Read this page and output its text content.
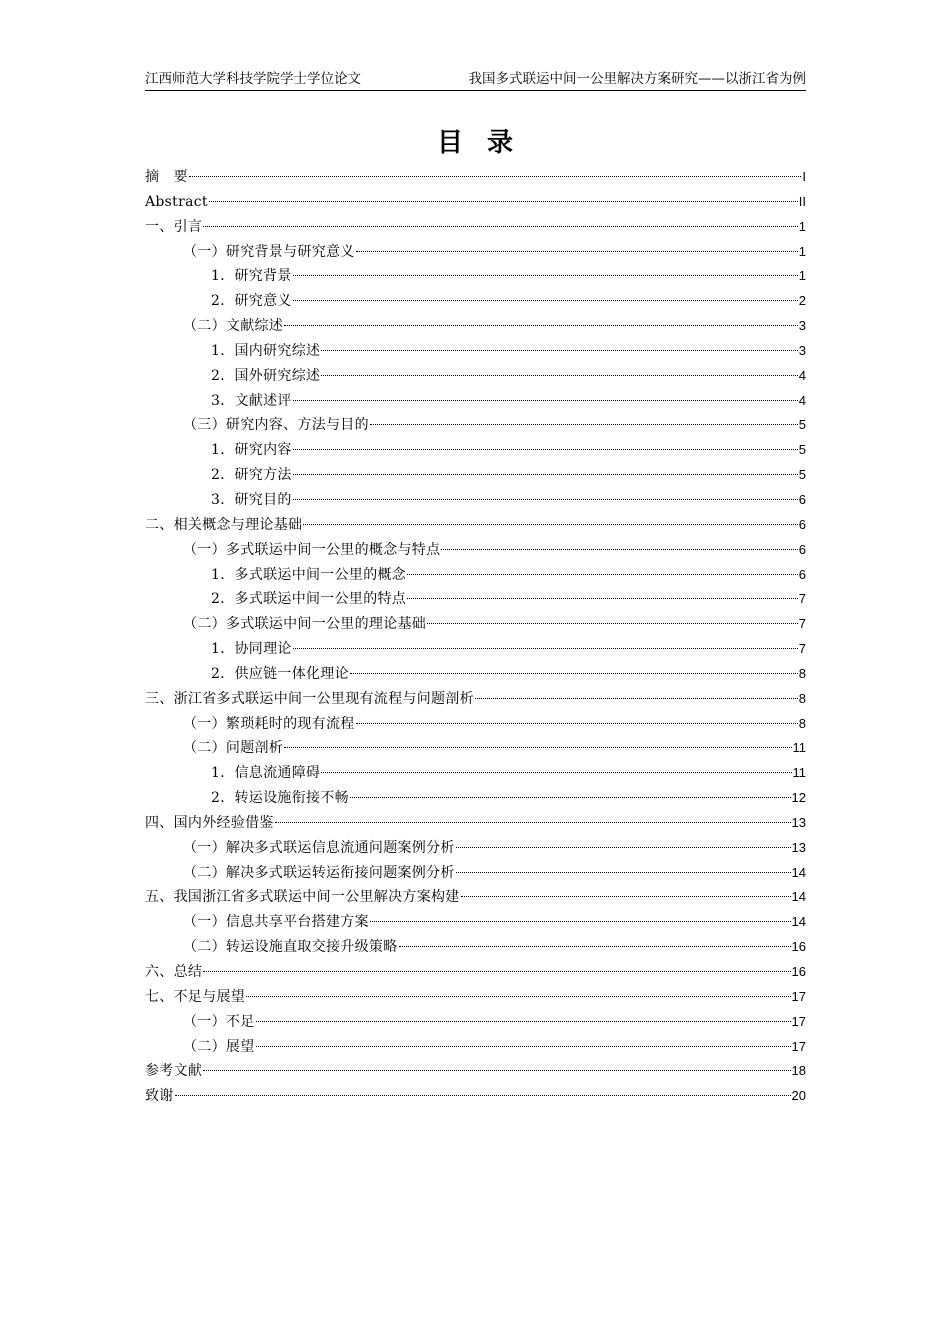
江西师范大学科技学院学士学位论文	我国多式联运中间一公里解决方案研究——以浙江省为例
目录
摘　要	I
Abstract	II
一、引言	1
（一）研究背景与研究意义	1
1．研究背景	1
2．研究意义	2
（二）文献综述	3
1．国内研究综述	3
2．国外研究综述	4
3．文献述评	4
（三）研究内容、方法与目的	5
1．研究内容	5
2．研究方法	5
3．研究目的	6
二、相关概念与理论基础	6
（一）多式联运中间一公里的概念与特点	6
1．多式联运中间一公里的概念	6
2．多式联运中间一公里的特点	7
（二）多式联运中间一公里的理论基础	7
1．协同理论	7
2．供应链一体化理论	8
三、浙江省多式联运中间一公里现有流程与问题剖析	8
（一）繁琐耗时的现有流程	8
（二）问题剖析	11
1．信息流通障碍	11
2．转运设施衔接不畅	12
四、国内外经验借鉴	13
（一）解决多式联运信息流通问题案例分析	13
（二）解决多式联运转运衔接问题案例分析	14
五、我国浙江省多式联运中间一公里解决方案构建	14
（一）信息共享平台搭建方案	14
（二）转运设施直取交接升级策略	16
六、总结	16
七、不足与展望	17
（一）不足	17
（二）展望	17
参考文献	18
致谢	20
